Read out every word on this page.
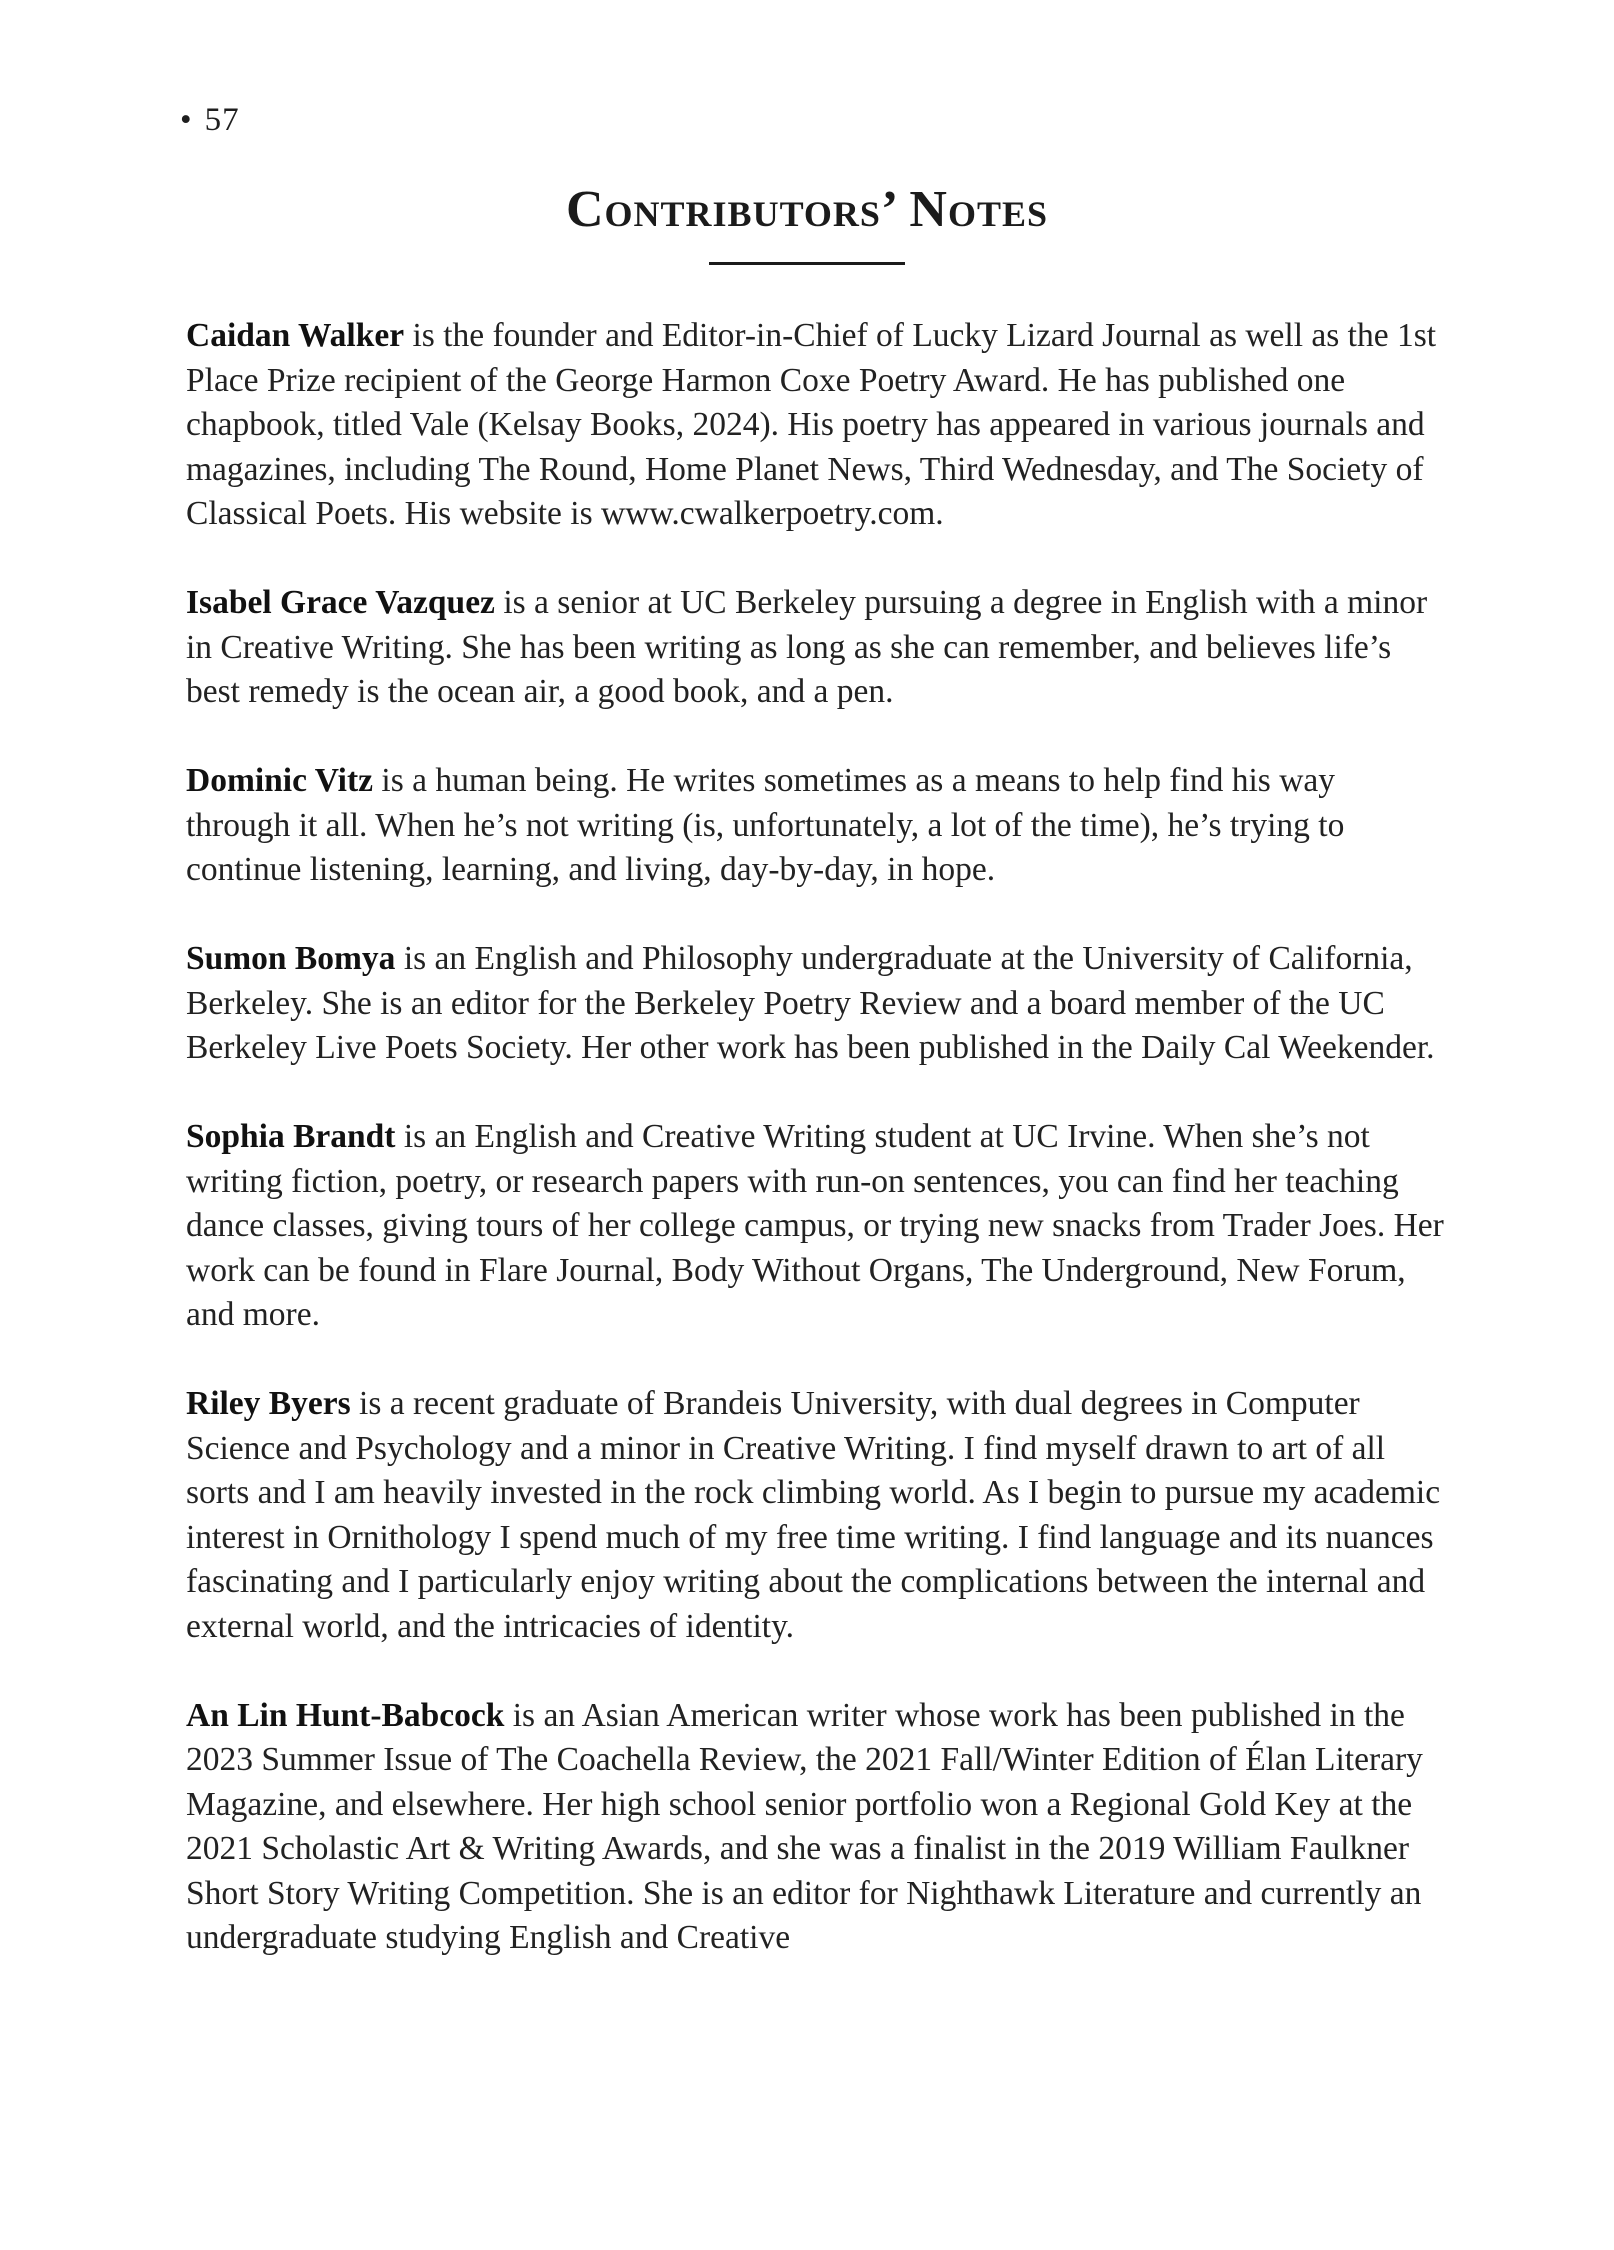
• 57
Contributors’ Notes

Caidan Walker is the founder and Editor-in-Chief of Lucky Lizard Journal as well as the 1st Place Prize recipient of the George Harmon Coxe Poetry Award. He has published one chapbook, titled Vale (Kelsay Books, 2024). His poetry has appeared in various journals and magazines, including The Round, Home Planet News, Third Wednesday, and The Society of Classical Poets. His website is www.cwalkerpoetry.com.

Isabel Grace Vazquez is a senior at UC Berkeley pursuing a degree in English with a minor in Creative Writing. She has been writing as long as she can remember, and believes life’s best remedy is the ocean air, a good book, and a pen.

Dominic Vitz is a human being. He writes sometimes as a means to help find his way through it all. When he’s not writing (is, unfortunately, a lot of the time), he’s trying to continue listening, learning, and living, day-by-day, in hope.

Sumon Bomya is an English and Philosophy undergraduate at the University of California, Berkeley. She is an editor for the Berkeley Poetry Review and a board member of the UC Berkeley Live Poets Society. Her other work has been published in the Daily Cal Weekender.

Sophia Brandt is an English and Creative Writing student at UC Irvine. When she’s not writing fiction, poetry, or research papers with run-on sentences, you can find her teaching dance classes, giving tours of her college campus, or trying new snacks from Trader Joes. Her work can be found in Flare Journal, Body Without Organs, The Underground, New Forum, and more.

Riley Byers is a recent graduate of Brandeis University, with dual degrees in Computer Science and Psychology and a minor in Creative Writing. I find myself drawn to art of all sorts and I am heavily invested in the rock climbing world. As I begin to pursue my academic interest in Ornithology I spend much of my free time writing. I find language and its nuances fascinating and I particularly enjoy writing about the complications between the internal and external world, and the intricacies of identity.

An Lin Hunt-Babcock is an Asian American writer whose work has been published in the 2023 Summer Issue of The Coachella Review, the 2021 Fall/Winter Edition of Élan Literary Magazine, and elsewhere. Her high school senior portfolio won a Regional Gold Key at the 2021 Scholastic Art & Writing Awards, and she was a finalist in the 2019 William Faulkner Short Story Writing Competition. She is an editor for Nighthawk Literature and currently an undergraduate studying English and Creative
